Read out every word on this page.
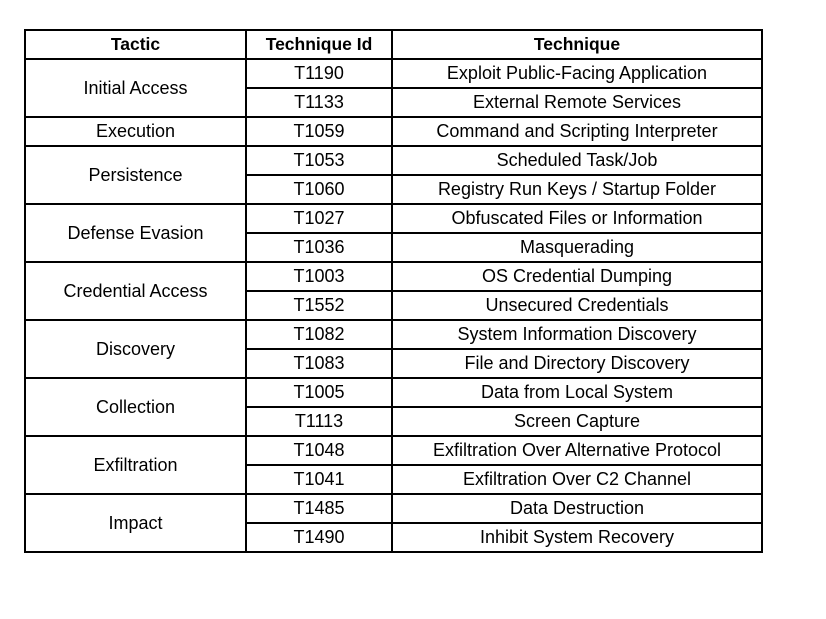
Tactic	Technique Id	Technique
Initial Access	T1190	Exploit Public-Facing Application
	T1133	External Remote Services
Execution	T1059	Command and Scripting Interpreter
Persistence	T1053	Scheduled Task/Job
	T1060	Registry Run Keys / Startup Folder
Defense Evasion	T1027	Obfuscated Files or Information
	T1036	Masquerading
Credential Access	T1003	OS Credential Dumping
	T1552	Unsecured Credentials
Discovery	T1082	System Information Discovery
	T1083	File and Directory Discovery
Collection	T1005	Data from Local System
	T1113	Screen Capture
Exfiltration	T1048	Exfiltration Over Alternative Protocol
	T1041	Exfiltration Over C2 Channel
Impact	T1485	Data Destruction
	T1490	Inhibit System Recovery
